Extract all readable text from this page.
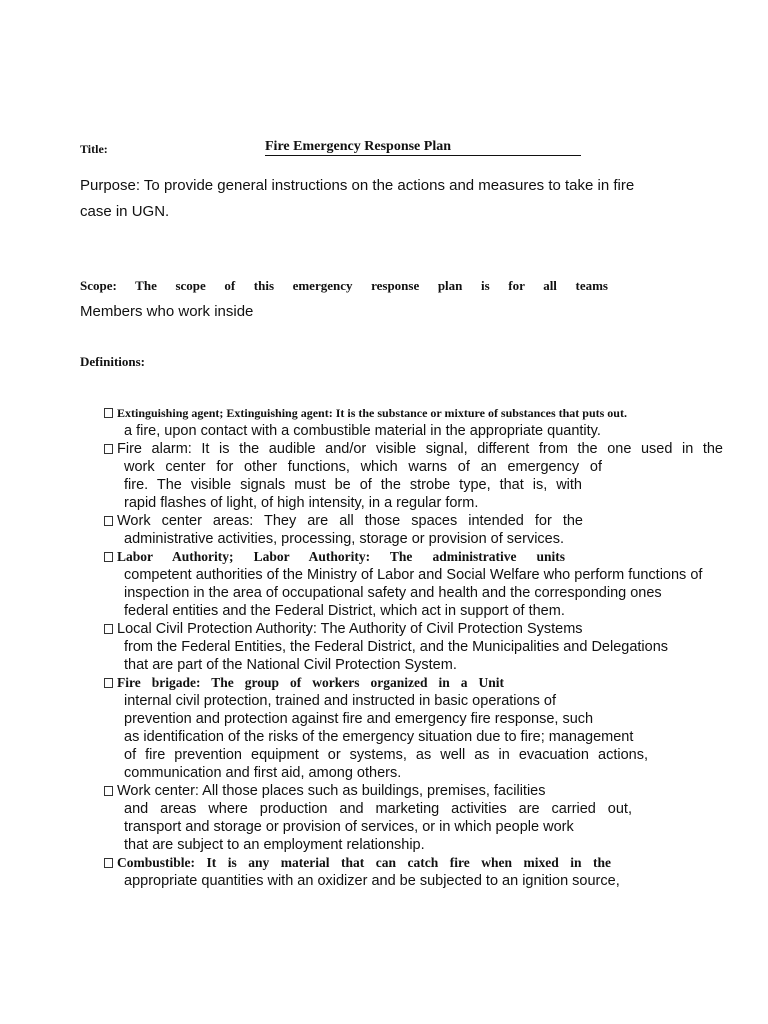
Title:	Fire Emergency Response Plan
Purpose: To provide general instructions on the actions and measures to take in fire case in UGN.
Scope: The scope of this emergency response plan is for all teams
Members who work inside
Definitions:
Extinguishing agent; Extinguishing agent: It is the substance or mixture of substances that puts out.
a fire, upon contact with a combustible material in the appropriate quantity.
Fire alarm: It is the audible and/or visible signal, different from the one used in the
work center for other functions, which warns of an emergency of
fire. The visible signals must be of the strobe type, that is, with
rapid flashes of light, of high intensity, in a regular form.
Work center areas: They are all those spaces intended for the
administrative activities, processing, storage or provision of services.
Labor Authority; Labor Authority: The administrative units
competent authorities of the Ministry of Labor and Social Welfare who perform functions of
inspection in the area of occupational safety and health and the corresponding ones
federal entities and the Federal District, which act in support of them.
Local Civil Protection Authority: The Authority of Civil Protection Systems
from the Federal Entities, the Federal District, and the Municipalities and Delegations
that are part of the National Civil Protection System.
Fire brigade: The group of workers organized in a Unit
internal civil protection, trained and instructed in basic operations of
prevention and protection against fire and emergency fire response, such
as identification of the risks of the emergency situation due to fire; management
of fire prevention equipment or systems, as well as in evacuation actions,
communication and first aid, among others.
Work center: All those places such as buildings, premises, facilities
and areas where production and marketing activities are carried out,
transport and storage or provision of services, or in which people work
that are subject to an employment relationship.
Combustible: It is any material that can catch fire when mixed in the
appropriate quantities with an oxidizer and be subjected to an ignition source,
